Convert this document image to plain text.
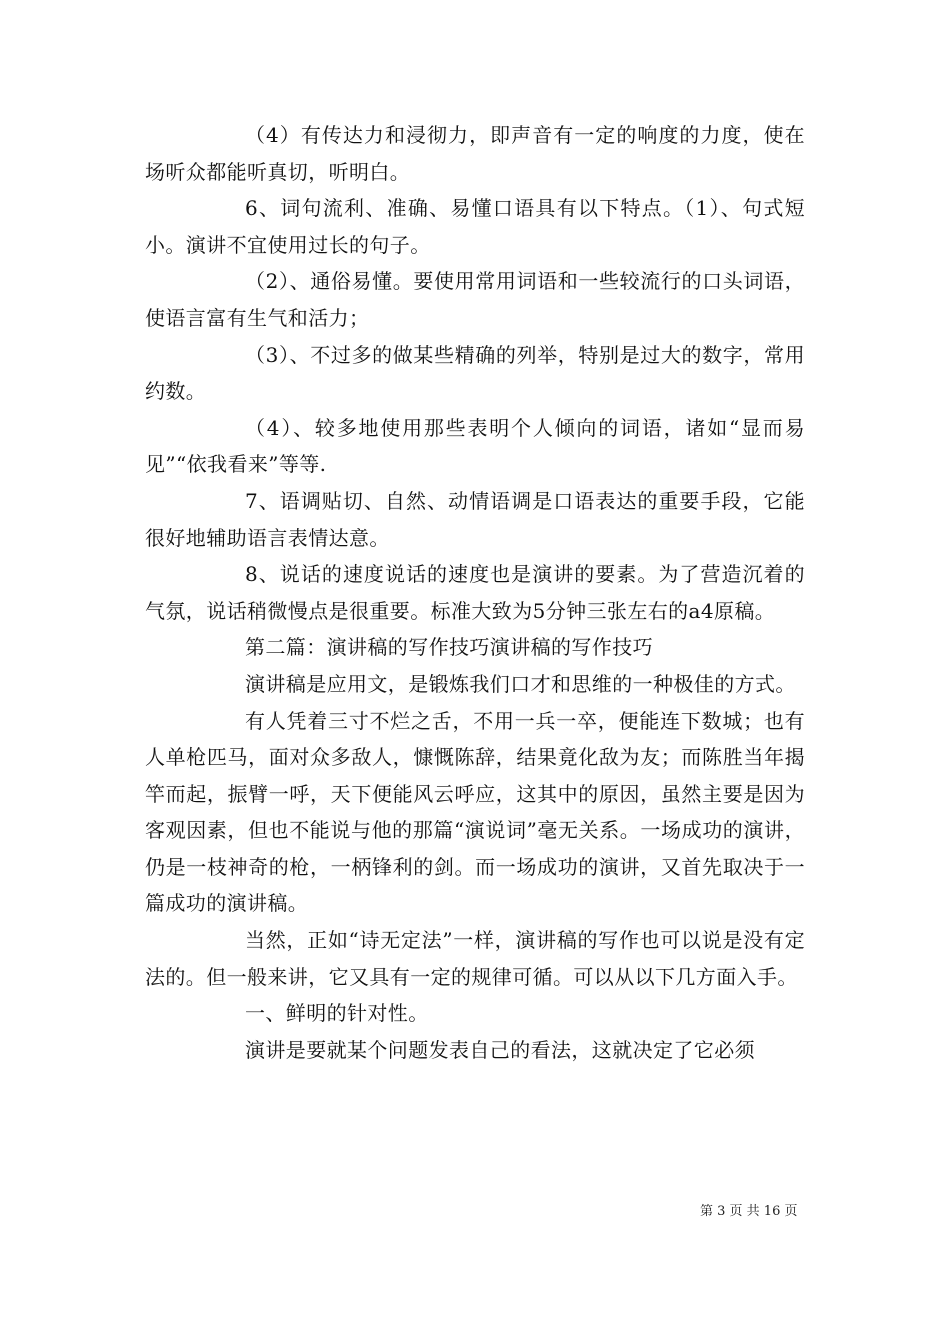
（4）有传达力和浸彻力，即声音有一定的响度的力度，使在场听众都能听真切，听明白。

6、词句流利、准确、易懂口语具有以下特点。（1）、句式短小。演讲不宜使用过长的句子。

（2）、通俗易懂。要使用常用词语和一些较流行的口头词语，使语言富有生气和活力；

（3）、不过多的做某些精确的列举，特别是过大的数字，常用约数。

（4）、较多地使用那些表明个人倾向的词语，诸如“显而易见”“依我看来”等等.

7、语调贴切、自然、动情语调是口语表达的重要手段，它能很好地辅助语言表情达意。

8、说话的速度说话的速度也是演讲的要素。为了营造沉着的气氛，说话稍微慢点是很重要。标准大致为5分钟三张左右的a4原稿。

第二篇：演讲稿的写作技巧演讲稿的写作技巧

演讲稿是应用文，是锻炼我们口才和思维的一种极佳的方式。

有人凭着三寸不烂之舌，不用一兵一卒，便能连下数城；也有人单枪匹马，面对众多敌人，慷慨陈辞，结果竟化敌为友；而陈胜当年揭竿而起，振臂一呼，天下便能风云呼应，这其中的原因，虽然主要是因为客观因素，但也不能说与他的那篇“演说词”毫无关系。一场成功的演讲，仍是一枝神奇的枪，一柄锋利的剑。而一场成功的演讲，又首先取决于一篇成功的演讲稿。

当然，正如“诗无定法”一样，演讲稿的写作也可以说是没有定法的。但一般来讲，它又具有一定的规律可循。可以从以下几方面入手。

一、鲜明的针对性。

演讲是要就某个问题发表自己的看法，这就决定了它必须

第 3 页 共 16 页
